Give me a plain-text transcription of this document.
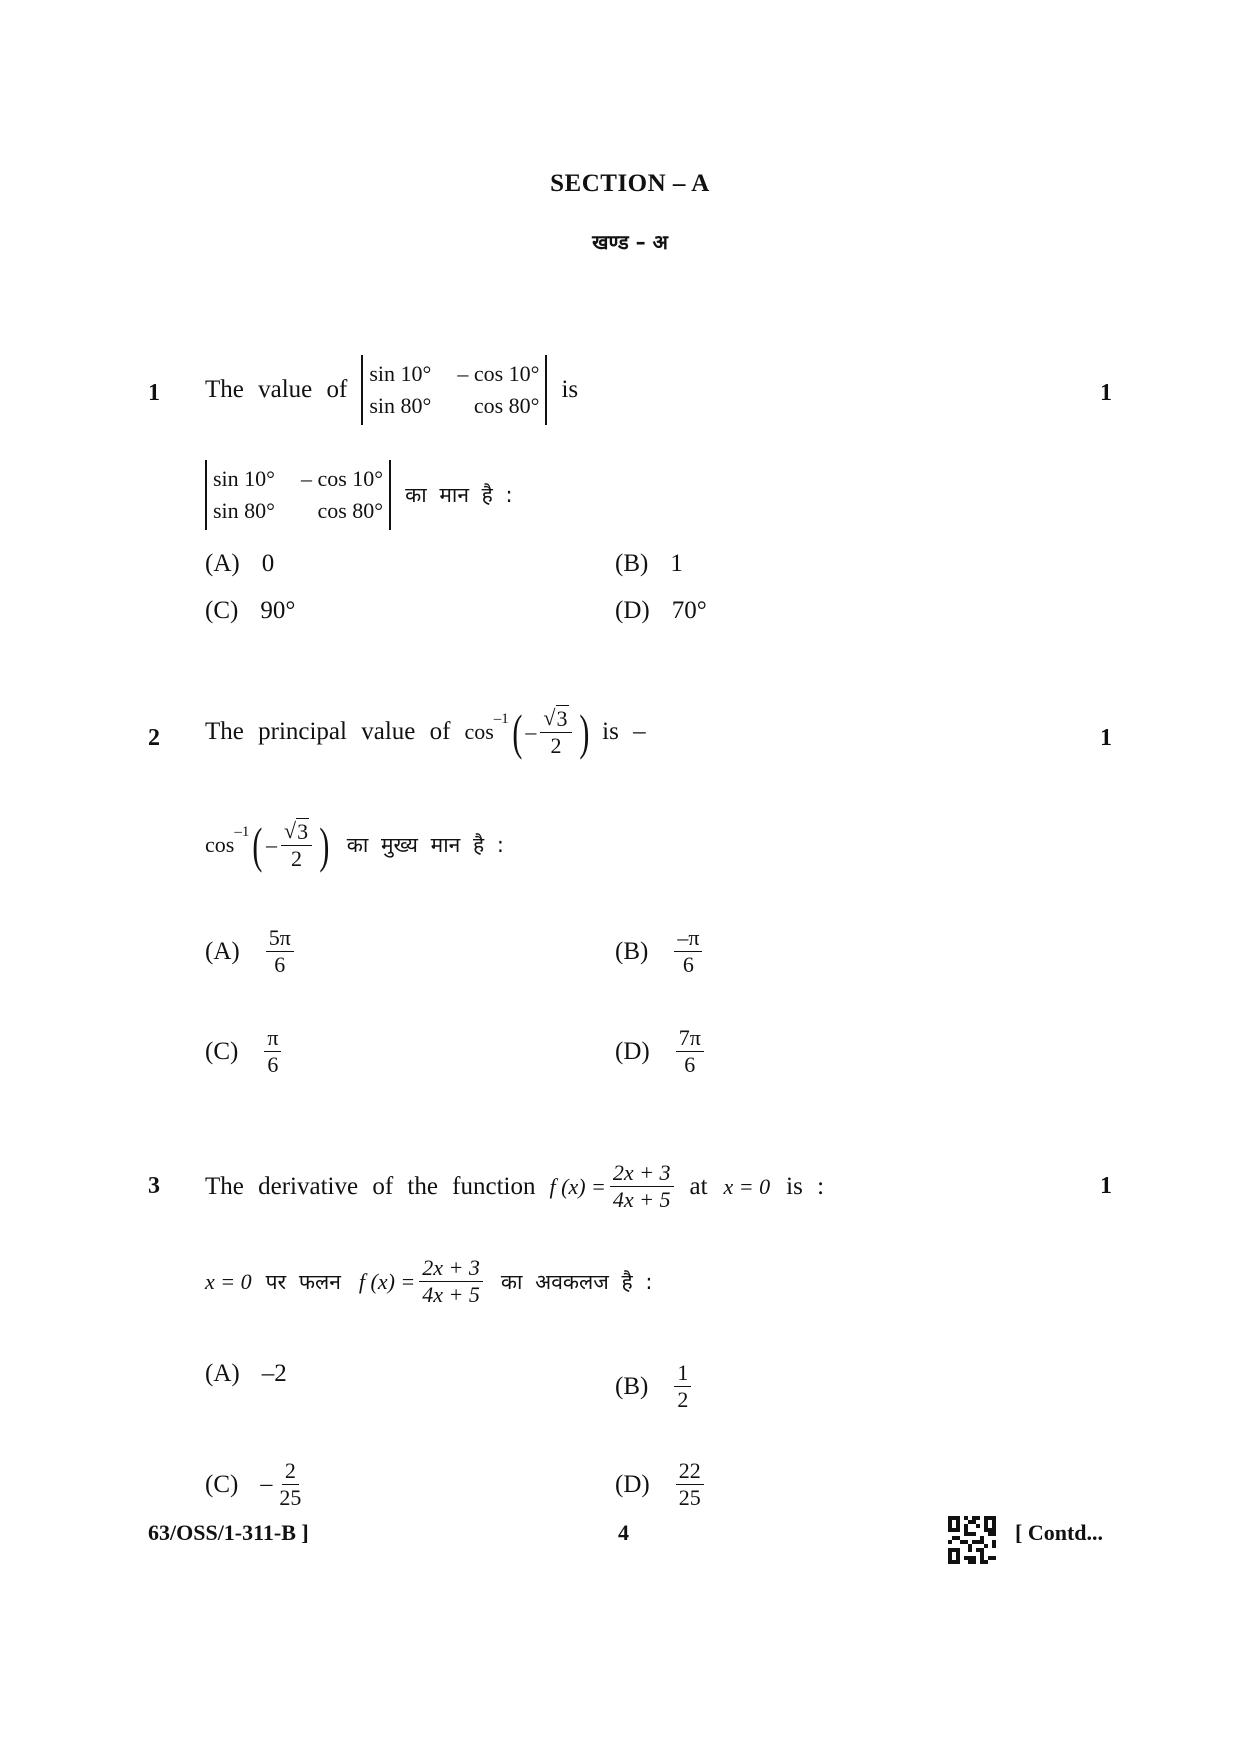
SECTION – A
खण्ड – अ
1	1
The value of
sin 10° – cos 10°
sin 80°	cos 80°
is
sin 10° – cos 10°
sin 80°	cos 80°
का मान है :
(A) 0	(B) 1
(C) 90°	(D) 70°
2	1
The principal value of $\cos^{-1}$ ( – $\frac{√ 3}{2}$ ) is –
$\cos^{-1}$ ( – $\frac{√ 3}{2}$ ) का मुख्य मान है :
$(A) \frac{5\pi}{6}$	$(B) \frac{-\pi}{6}$
$(C) \frac{\pi}{6}$	$(D) \frac{7\pi}{6}$
3	1
The derivative of the function f $(x) = \frac{2x + 3}{4x + 5}$ at x = 0 is :
x = 0 पर फलन f $(x) = \frac{2x + 3}{4x + 5}$ का अवकलज है :
(A) –2	$(B) \frac{1}{2}$
$(C) - \frac{2}{25}$	$(D) \frac{22}{25}$
63/OSS/1-311-B ]	4	[ Contd...
